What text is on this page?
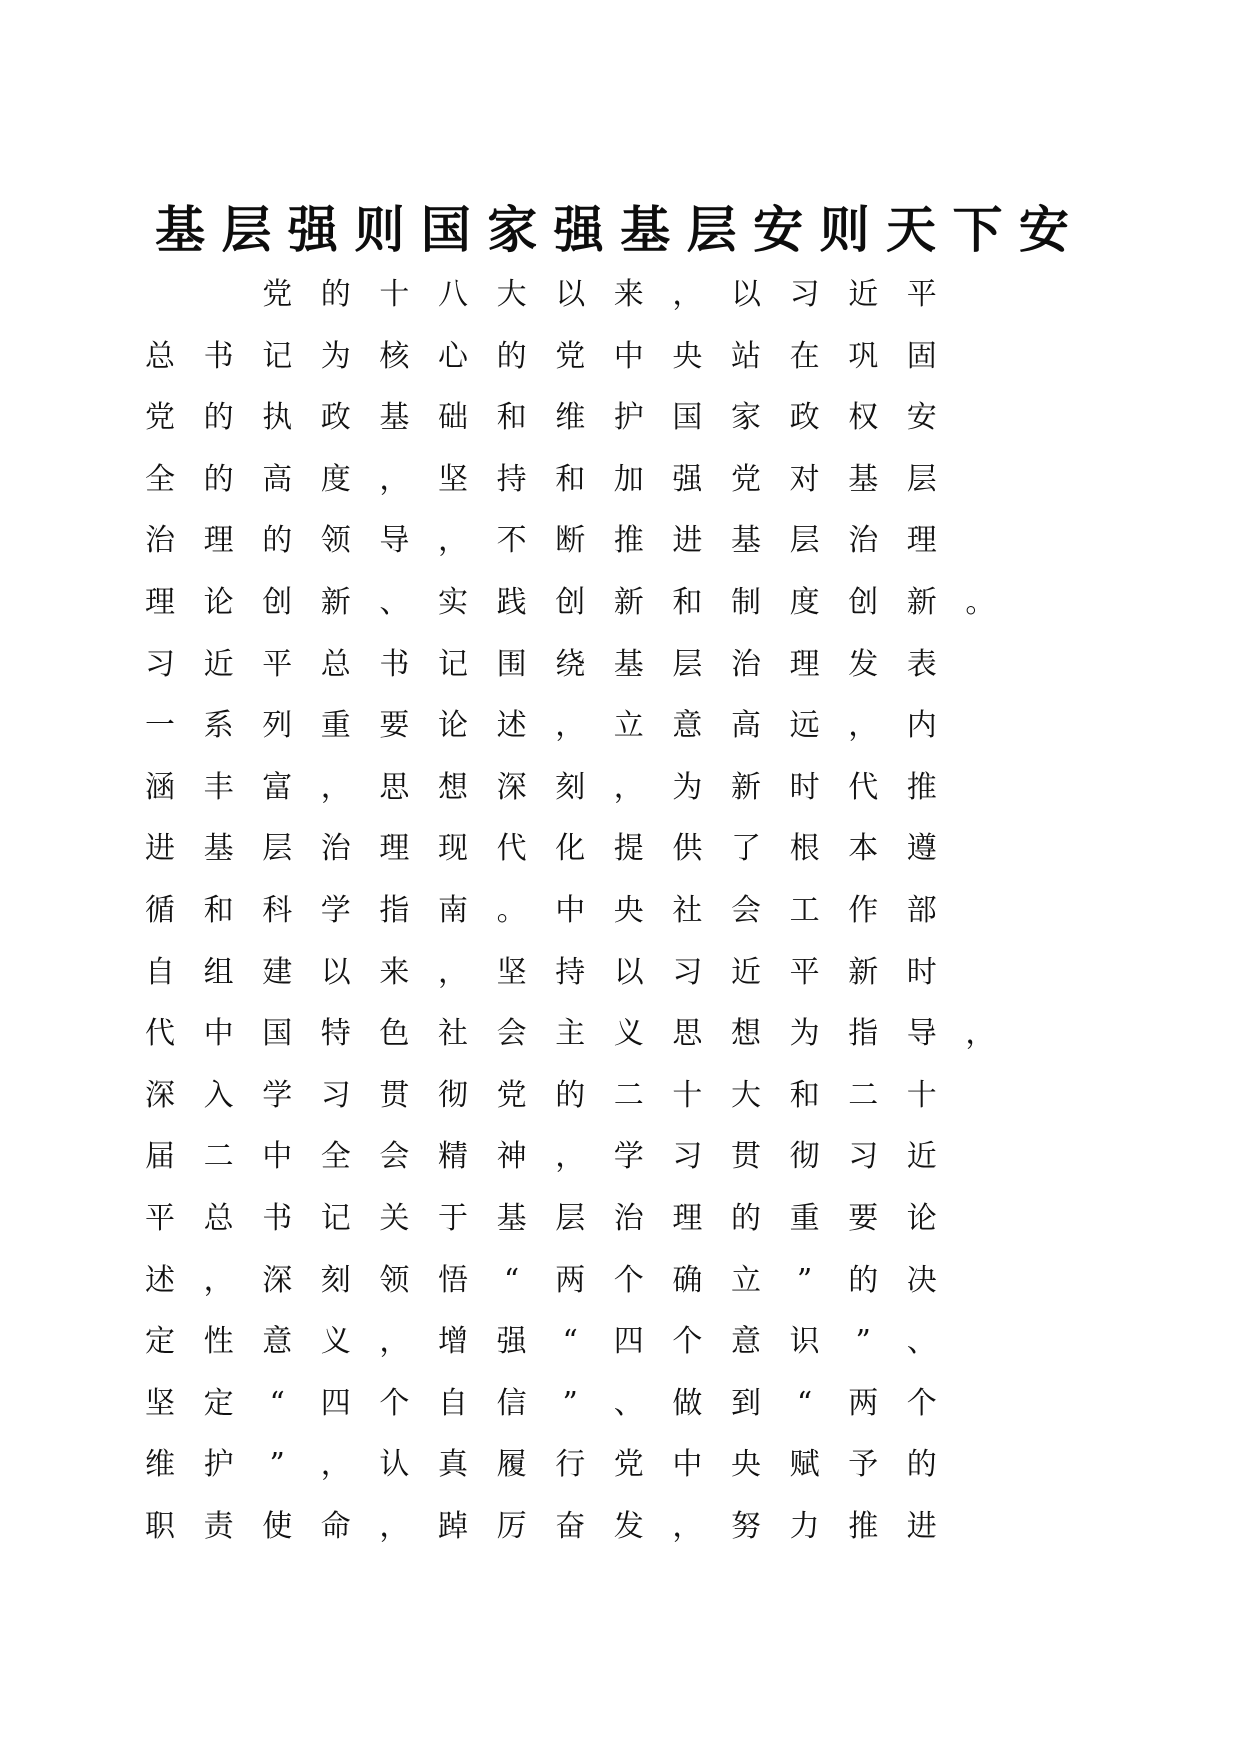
基 层 强 则 国 家 强 基 层 安 则 天 下 安
党 的 十 八 大 以 来 ， 以 习 近 平
总 书 记 为 核 心 的 党 中 央 站 在 巩 固
党 的 执 政 基 础 和 维 护 国 家 政 权 安
全 的 高 度 ， 坚 持 和 加 强 党 对 基 层
治 理 的 领 导 ， 不 断 推 进 基 层 治 理
理 论 创 新 、 实 践 创 新 和 制 度 创 新 。
习 近 平 总 书 记 围 绕 基 层 治 理 发 表
一 系 列 重 要 论 述 ， 立 意 高 远 ， 内
涵 丰 富 ， 思 想 深 刻 ， 为 新 时 代 推
进 基 层 治 理 现 代 化 提 供 了 根 本 遵
循 和 科 学 指 南 。 中 央 社 会 工 作 部
自 组 建 以 来 ， 坚 持 以 习 近 平 新 时
代 中 国 特 色 社 会 主 义 思 想 为 指 导 ，
深 入 学 习 贯 彻 党 的 二 十 大 和 二 十
届 二 中 全 会 精 神 ， 学 习 贯 彻 习 近
平 总 书 记 关 于 基 层 治 理 的 重 要 论
述 ， 深 刻 领 悟	“	两 个 确 立	”	的 决
定 性 意 义 ， 增 强	“	四 个 意 识	”	、
坚 定	“	四 个 自 信	”	、 做 到	“	两 个
维 护	”	， 认 真 履 行 党 中 央 赋 予 的
职 责 使 命 ， 踔 厉 奋 发 ， 努 力 推 进
